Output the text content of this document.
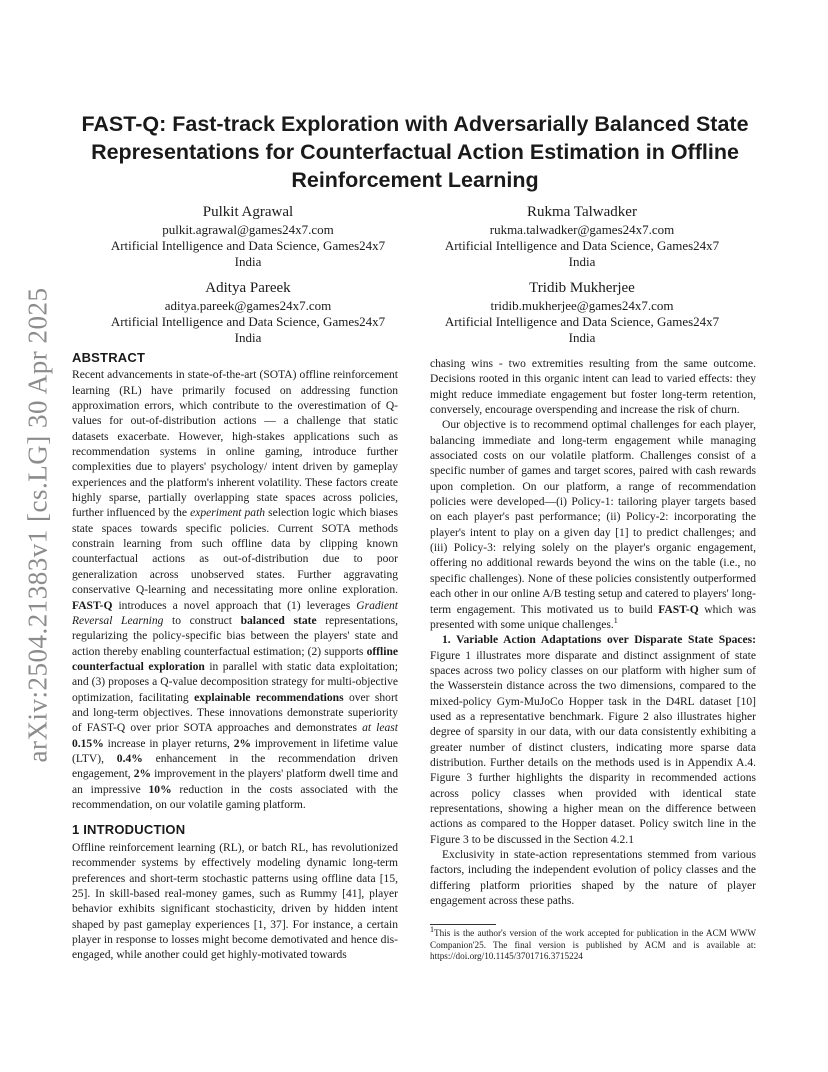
arXiv:2504.21383v1 [cs.LG] 30 Apr 2025
FAST-Q: Fast-track Exploration with Adversarially Balanced State Representations for Counterfactual Action Estimation in Offline Reinforcement Learning
Pulkit Agrawal
pulkit.agrawal@games24x7.com
Artificial Intelligence and Data Science, Games24x7
India
Rukma Talwadker
rukma.talwadker@games24x7.com
Artificial Intelligence and Data Science, Games24x7
India
Aditya Pareek
aditya.pareek@games24x7.com
Artificial Intelligence and Data Science, Games24x7
India
Tridib Mukherjee
tridib.mukherjee@games24x7.com
Artificial Intelligence and Data Science, Games24x7
India
ABSTRACT

Recent advancements in state-of-the-art (SOTA) offline reinforcement learning (RL) have primarily focused on addressing function approximation errors, which contribute to the overestimation of Q-values for out-of-distribution actions — a challenge that static datasets exacerbate. However, high-stakes applications such as recommendation systems in online gaming, introduce further complexities due to players' psychology/ intent driven by gameplay experiences and the platform's inherent volatility. These factors create highly sparse, partially overlapping state spaces across policies, further influenced by the experiment path selection logic which biases state spaces towards specific policies. Current SOTA methods constrain learning from such offline data by clipping known counterfactual actions as out-of-distribution due to poor generalization across unobserved states. Further aggravating conservative Q-learning and necessitating more online exploration. FAST-Q introduces a novel approach that (1) leverages Gradient Reversal Learning to construct balanced state representations, regularizing the policy-specific bias between the players' state and action thereby enabling counterfactual estimation; (2) supports offline counterfactual exploration in parallel with static data exploitation; and (3) proposes a Q-value decomposition strategy for multi-objective optimization, facilitating explainable recommendations over short and long-term objectives. These innovations demonstrate superiority of FAST-Q over prior SOTA approaches and demonstrates at least 0.15% increase in player returns, 2% improvement in lifetime value (LTV), 0.4% enhancement in the recommendation driven engagement, 2% improvement in the players' platform dwell time and an impressive 10% reduction in the costs associated with the recommendation, on our volatile gaming platform.

1 INTRODUCTION

Offline reinforcement learning (RL), or batch RL, has revolutionized recommender systems by effectively modeling dynamic long-term preferences and short-term stochastic patterns using offline data [15, 25]. In skill-based real-money games, such as Rummy [41], player behavior exhibits significant stochasticity, driven by hidden intent shaped by past gameplay experiences [1, 37]. For instance, a certain player in response to losses might become demotivated and hence dis-engaged, while another could get highly-motivated towards

chasing wins - two extremities resulting from the same outcome. Decisions rooted in this organic intent can lead to varied effects: they might reduce immediate engagement but foster long-term retention, conversely, encourage overspending and increase the risk of churn.

Our objective is to recommend optimal challenges for each player, balancing immediate and long-term engagement while managing associated costs on our volatile platform. Challenges consist of a specific number of games and target scores, paired with cash rewards upon completion. On our platform, a range of recommendation policies were developed—(i) Policy-1: tailoring player targets based on each player's past performance; (ii) Policy-2: incorporating the player's intent to play on a given day [1] to predict challenges; and (iii) Policy-3: relying solely on the player's organic engagement, offering no additional rewards beyond the wins on the table (i.e., no specific challenges). None of these policies consistently outperformed each other in our online A/B testing setup and catered to players' long-term engagement. This motivated us to build FAST-Q which was presented with some unique challenges.$^1$

1. Variable Action Adaptations over Disparate State Spaces: Figure 1 illustrates more disparate and distinct assignment of state spaces across two policy classes on our platform with higher sum of the Wasserstein distance across the two dimensions, compared to the mixed-policy Gym-MuJoCo Hopper task in the D4RL dataset [10] used as a representative benchmark. Figure 2 also illustrates higher degree of sparsity in our data, with our data consistently exhibiting a greater number of distinct clusters, indicating more sparse data distribution. Further details on the methods used is in Appendix A.4. Figure 3 further highlights the disparity in recommended actions across policy classes when provided with identical state representations, showing a higher mean on the difference between actions as compared to the Hopper dataset. Policy switch line in the Figure 3 to be discussed in the Section 4.2.1

Exclusivity in state-action representations stemmed from various factors, including the independent evolution of policy classes and the differing platform priorities shaped by the nature of player engagement across these paths.

$^1$This is the author's version of the work accepted for publication in the ACM WWW Companion'25. The final version is published by ACM and is available at: https://doi.org/10.1145/3701716.3715224
